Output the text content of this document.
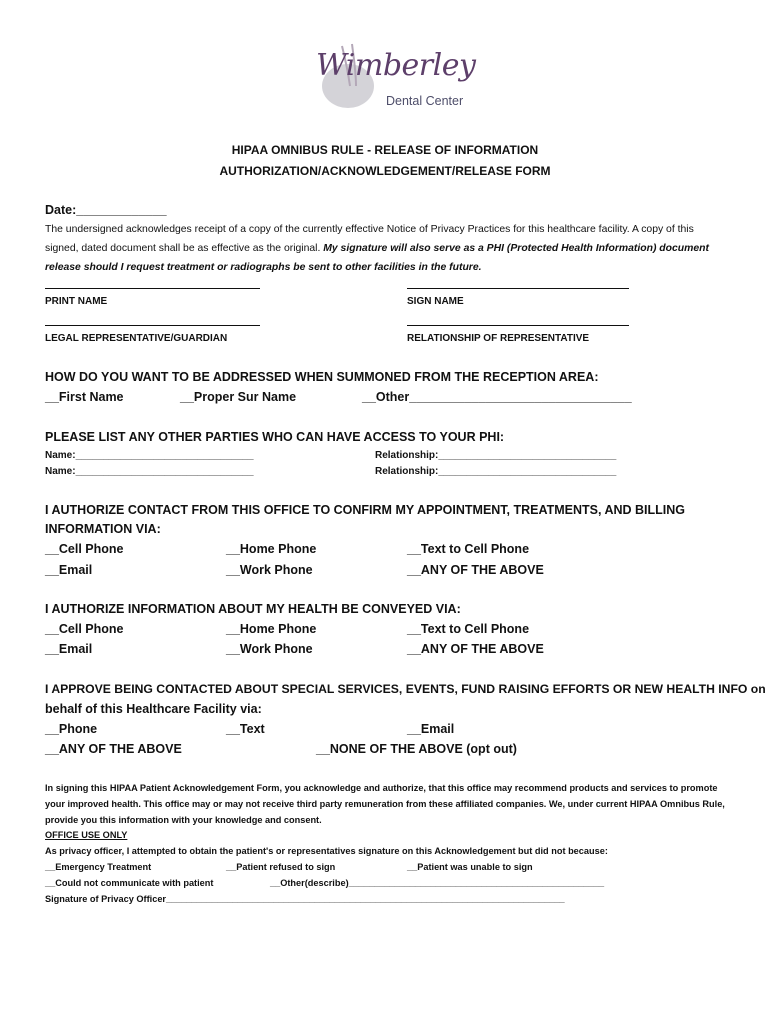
Wimberley
Dental Center
HIPAA OMNIBUS RULE - RELEASE OF INFORMATION
AUTHORIZATION/ACKNOWLEDGEMENT/RELEASE FORM
Date:_____________
The undersigned acknowledges receipt of a copy of the currently effective Notice of Privacy Practices for this healthcare facility. A copy of this signed, dated document shall be as effective as the original. My signature will also serve as a PHI (Protected Health Information) document release should I request treatment or radiographs be sent to other facilities in the future.
PRINT NAME	SIGN NAME
LEGAL REPRESENTATIVE/GUARDIAN	RELATIONSHIP OF REPRESENTATIVE
HOW DO YOU WANT TO BE ADDRESSED WHEN SUMMONED FROM THE RECEPTION AREA:
__First Name	__Proper Sur Name	__Other________________________________
PLEASE LIST ANY OTHER PARTIES WHO CAN HAVE ACCESS TO YOUR PHI:
Name:________________________________	Relationship:________________________________
Name:________________________________	Relationship:________________________________
I AUTHORIZE CONTACT FROM THIS OFFICE TO CONFIRM MY APPOINTMENT, TREATMENTS, AND BILLING
INFORMATION VIA:
__Cell Phone	__Home Phone	__Text to Cell Phone
__Email	__Work Phone	__ANY OF THE ABOVE
I AUTHORIZE INFORMATION ABOUT MY HEALTH BE CONVEYED VIA:
__Cell Phone	__Home Phone	__Text to Cell Phone
__Email	__Work Phone	__ANY OF THE ABOVE
I APPROVE BEING CONTACTED ABOUT SPECIAL SERVICES, EVENTS, FUND RAISING EFFORTS OR NEW HEALTH INFO on
behalf of this Healthcare Facility via:
__Phone	__Text	__Email
__ANY OF THE ABOVE	__NONE OF THE ABOVE (opt out)
In signing this HIPAA Patient Acknowledgement Form, you acknowledge and authorize, that this office may recommend products and services to promote your improved health. This office may or may not receive third party remuneration from these affiliated companies. We, under current HIPAA Omnibus Rule, provide you this information with your knowledge and consent.
OFFICE USE ONLY
As privacy officer, I attempted to obtain the patient's or representatives signature on this Acknowledgement but did not because:
__Emergency Treatment	__Patient refused to sign	__Patient was unable to sign
__Could not communicate with patient	__Other(describe)__________________________________________________
Signature of Privacy Officer______________________________________________________________________________
